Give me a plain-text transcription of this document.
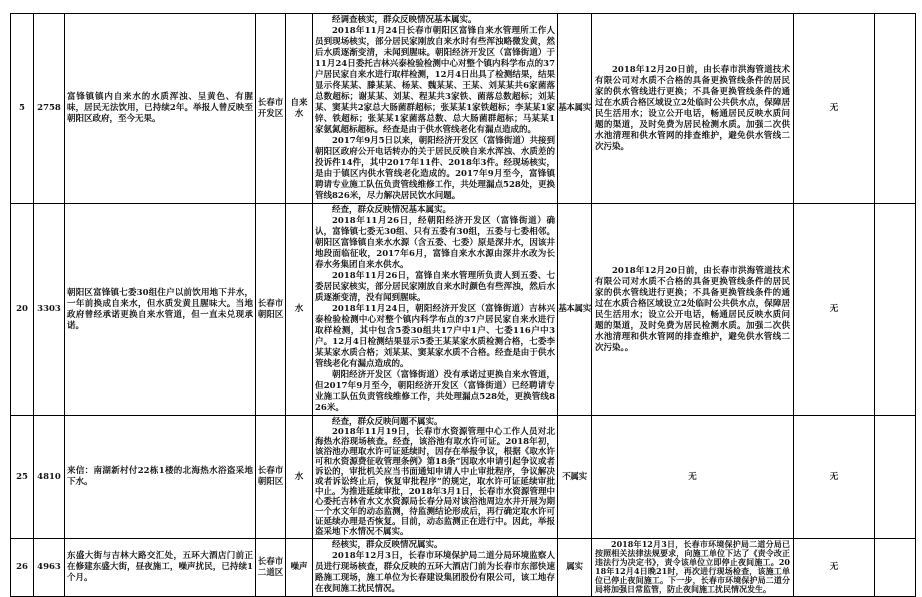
5	2758	富锋镇镇内自来水的水质浑浊、呈黄色、有腥味，居民无法饮用，已持续2年。举报人曾反映至朝阳区政府，至今无果。	长春市开发区	自来水	经调查核实，群众反映情况基本属实。

2018年11月24日长春市朝阳区富锋自来水管理所工作人员到现场核实，部分居民家刚放自来水时有些浑浊略微发黄，然后水质逐渐变清，未闻到腥味。朝阳经济开发区（富锋街道）于11月24日委托吉林兴泰检验检测中心对整个镇内科学布点的37户居民家自来水进行取样检测，12月4日出具了检测结果，结果显示佟某某、滕某某、杨某、魏某某、王某、刘某某共6家菌落总数超标；谢某某、刘某、程某共3家铁、菌落总数超标；刘某某、窦某共2家总大肠菌群超标；张某某1家铁超标；李某某1家锌、铁超标；张某某1家菌落总数、总大肠菌群超标；马某某1家氨氮超标超标。经查是由于供水管线老化有漏点造成的。

2017年9月5日以来，朝阳经济开发区（富锋街道）共接到朝阳区政府公开电话转办的关于居民反映自来水浑浊、水质差的投诉件14件，其中2017年11件、2018年3件。经现场核实，是由于镇区内供水管线老化造成的。2017年9月至今，富锋镇聘请专业施工队伍负责管线维修工作，共处理漏点528处，更换管线826米，尽力解决居民饮水问题。	基本属实	2018年12月20日前，由长春市洪海管道技术有限公司对水质不合格的具备更换管线条件的居民家的供水管线进行更换；不具备更换管线条件的通过在水质合格区域设立2处临时公共供水点，保障居民生活用水；设立公开电话，畅通居民反映水质问题的渠道，及时免费为居民检测水质。加强二次供水池清理和供水管网的排查维护，避免供水管线二次污染。	无	
20	3303	朝阳区富锋镇七委30组住户以前饮用地下井水，一年前换成自来水，但水质发黄且腥味大。当地政府曾经承诺更换自来水管道，但一直未兑现承诺。	长春市朝阳区	水	经查，群众反映情况基本属实。

2018年11月26日，经朝阳经济开发区（富锋街道）确认，富锋镇七委无30组、只有五委有30组，五委与七委相邻。朝阳区富锋镇自来水水源（含五委、七委）原是深井水，因该井地段面临征收，2017年6月，富锋自来水水源由深井水改为长春水务集团自来水供水。

2018年11月26日，富锋自来水管理所负责人到五委、七委居民家核实，部分居民家刚放自来水时颜色有些浑浊，然后水质逐渐变清，没有闻到腥味。

2018年11月24日，朝阳经济开发区（富锋街道）吉林兴泰检验检测中心对整个镇内科学布点的37户居民家自来水进行取样检测，其中包含5委30组共17户中1户、七委116户中3户。12月4日检测结果显示5委王某某家水质检测合格，七委李某某家水质合格；刘某某、窦某家水质不合格。经查是由于供水管线老化有漏点造成的。

朝阳经济开发区（富锋街道）没有承诺过更换自来水管道，但2017年9月至今，朝阳经济开发区（富锋街道）已经聘请专业施工队伍负责管线维修工作，共处理漏点528处，更换管线826米。	基本属实	2018年12月20日前，由长春市洪海管道技术有限公司对水质不合格的具备更换管线条件的居民家的供水管线进行更换；不具备更换管线条件的通过在水质合格区域设立2处临时公共供水点，保障居民生活用水；设立公开电话，畅通居民反映水质问题的渠道，及时免费为居民检测水质。加强二次供水池清理和供水管网的排查维护，避免供水管线二次污染。。	无	
25	4810	来信：南湖新村付22栋1楼的北海热水浴盗采地下水。	长春市朝阳区	水	经查，群众反映问题不属实。

2018年11月19日，长春市水资源管理中心工作人员对北海热水浴现场核查。经查，该浴池有取水许可证。2018年初，该浴池办理取水许可证延续时，因存在举报争议，根据《取水许可和水资源费征收管理条例》第18条“因取水申请引起争议或者诉讼的，审批机关应当书面通知申请人中止审批程序，争议解决或者诉讼终止后，恢复审批程序”的规定，取水许可证延续审批中止。为推进延续审批，2018年3月1日，长春市水资源管理中心委托吉林省水文水资源局长春分局对该浴池周边水井开展为期一个水文年的动态监测，待监测结论形成后，再行确定取水许可证延续办理是否恢复。目前，动态监测正在进行中。因此，举报盗采地下水情况不属实。	不属实	无	无	
26	4963	东盛大街与吉林大路交汇处，五环大酒店门前正在修建东盛大街，昼夜施工，噪声扰民，已持续1个月。	长春市二道区	噪声	经核实，群众反映情况属实。

2018年12月3日，长春市环境保护局二道分局环境监察人员进行现场核查，群众反映的五环大酒店门前为长春市东部快速路施工现场，施工单位为长春建设集团股份有限公司，该工地存在夜间施工扰民情况。	属实	2018年12月3日，长春市环境保护局二道分局已按照相关法律法规要求，向施工单位下达了《责令改正违法行为决定书》，责令该单位立即停止夜间施工。2018年12月4日晚21时，再次进行现场检查，该施工单位已停止夜间施工。下一步，长春市环境保护局二道分局将加强日常监管，防止夜间施工扰民情况发生。	无	
